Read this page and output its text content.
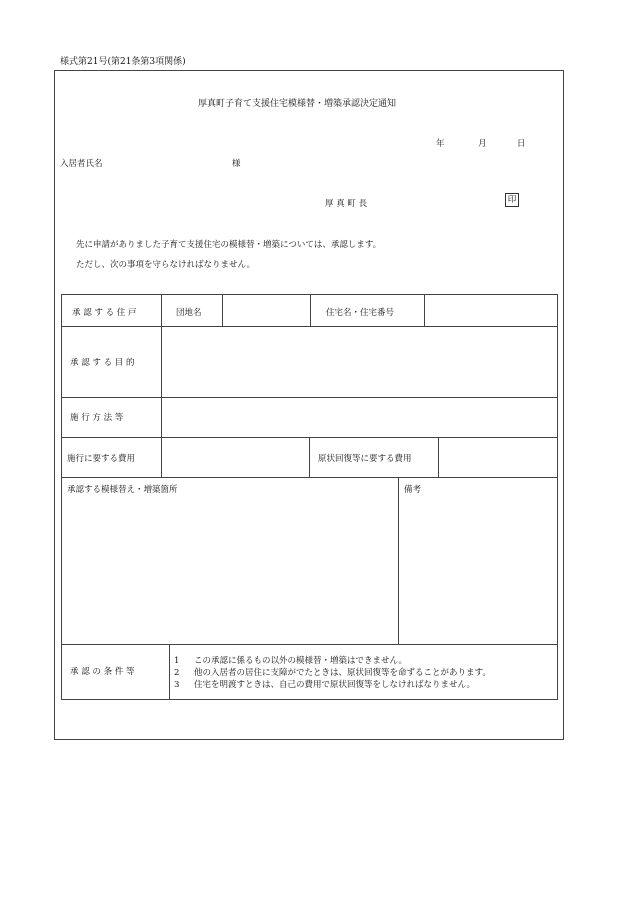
様式第21号(第21条第3項関係)
厚真町子育て支援住宅模様替・増築承認決定通知
年	月	日
入居者氏名	様
厚 真 町 長	印
先に申請がありました子育て支援住宅の模様替・増築については、承認します。
ただし、次の事項を守らなければなりません。
承 認 す る 住 戸	団地名	住宅名・住宅番号
承 認 す る 目 的
施 行 方 法 等
施行に要する費用	原状回復等に要する費用
承認する模様替え・増築箇所	備考
承 認 の 条 件 等
1 この承認に係るもの以外の模様替・増築はできません。
2 他の入居者の居住に支障がでたときは、原状回復等を命ずることがあります。
3 住宅を明渡すときは、自己の費用で原状回復等をしなければなりません。
